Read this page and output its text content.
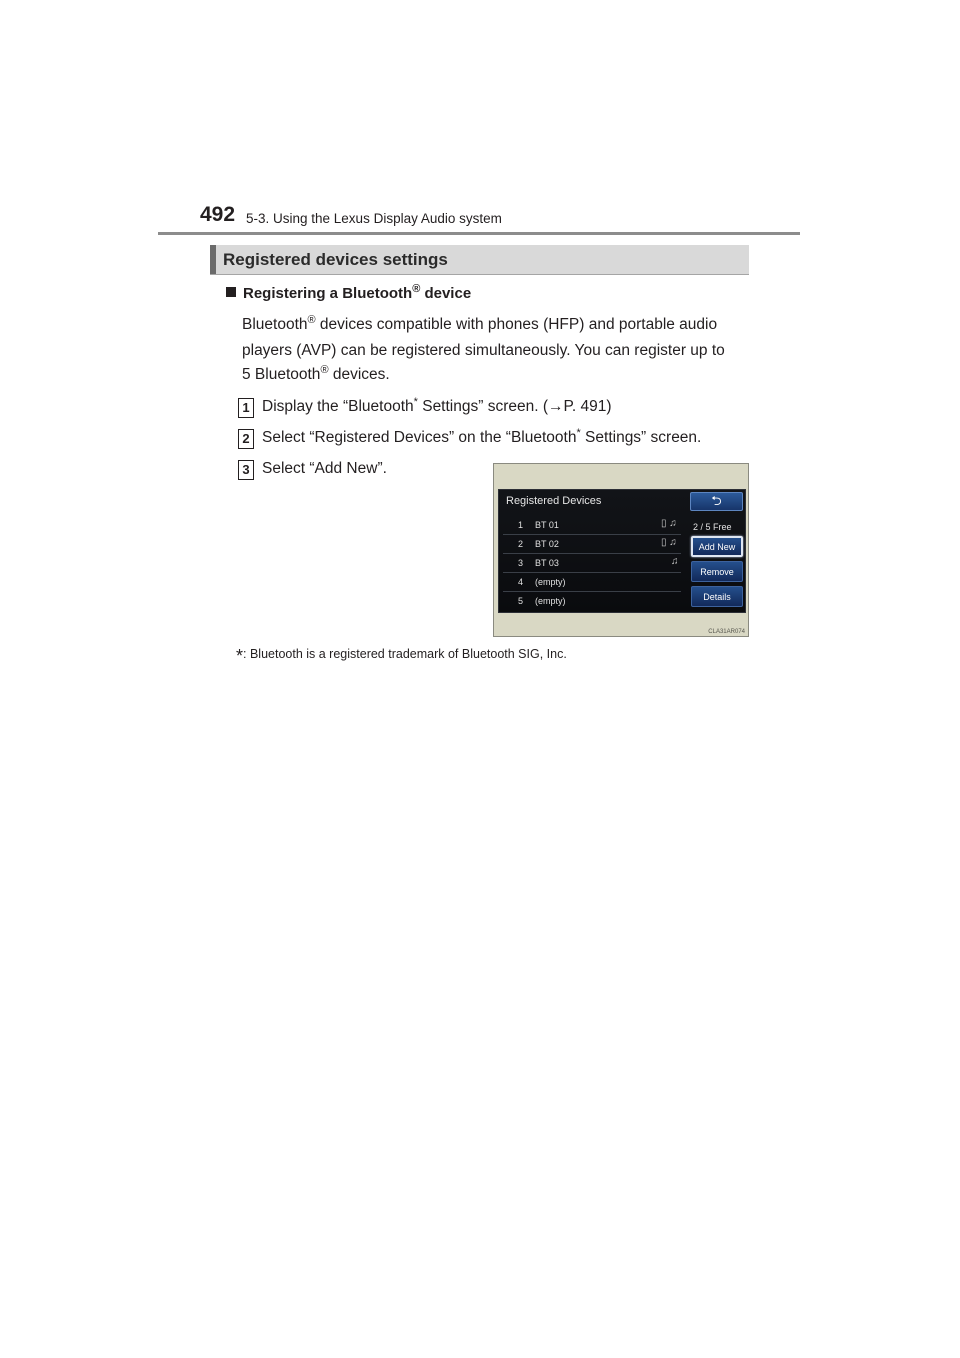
492 5-3. Using the Lexus Display Audio system
Registered devices settings
Registering a Bluetooth® device
Bluetooth® devices compatible with phones (HFP) and portable audio
players (AVP) can be registered simultaneously. You can register up to
5 Bluetooth® devices.
1 Display the “Bluetooth* Settings” screen. (→P. 491)
2 Select “Registered Devices” on the “Bluetooth* Settings” screen.
3 Select “Add New”.
Registered Devices	⮌
1 BT 01	▯ ♫
2 BT 02	▯ ♫
3 BT 03	♫
4 (empty)
5 (empty)
2 / 5 Free
Add New
Remove
Details
CLA31AR074
*: Bluetooth is a registered trademark of Bluetooth SIG, Inc.
